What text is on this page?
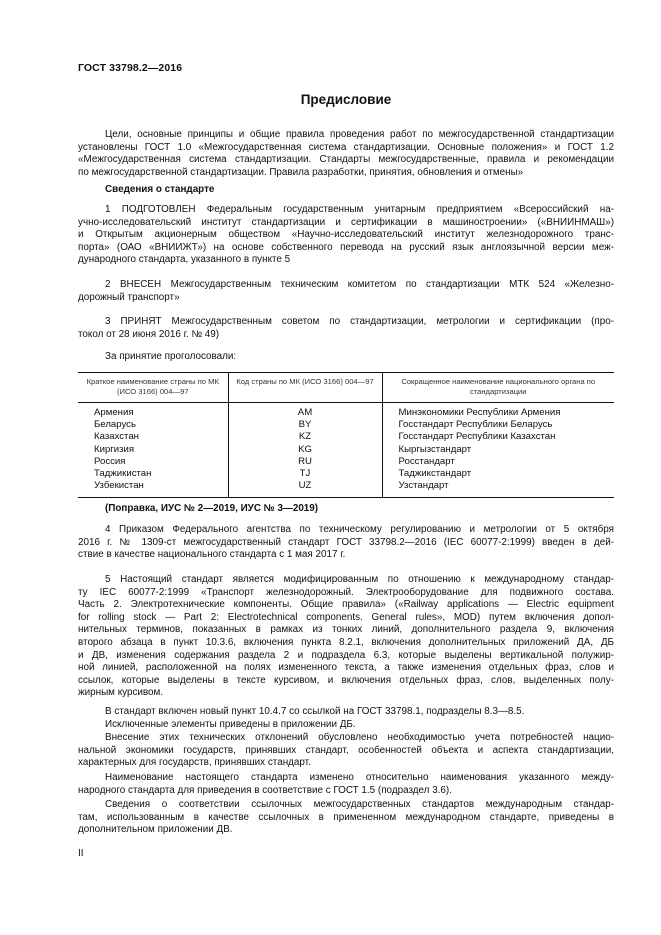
ГОСТ 33798.2—2016
Предисловие
Цели, основные принципы и общие правила проведения работ по межгосударственной стандартизации
установлены ГОСТ 1.0 «Межгосударственная система стандартизации. Основные положения» и ГОСТ 1.2
«Межгосударственная система стандартизации. Стандарты межгосударственные, правила и рекомендации
по межгосударственной стандартизации. Правила разработки, принятия, обновления и отмены»
Сведения о стандарте
1 ПОДГОТОВЛЕН Федеральным государственным унитарным предприятием «Всероссийский на-
учно-исследовательский институт стандартизации и сертификации в машиностроении» («ВНИИНМАШ»)
и Открытым акционерным обществом «Научно-исследовательский институт железнодорожного транс-
порта» (ОАО «ВНИИЖТ») на основе собственного перевода на русский язык англоязычной версии меж-
дународного стандарта, указанного в пункте 5
2 ВНЕСЕН Межгосударственным техническим комитетом по стандартизации МТК 524 «Железно-
дорожный транспорт»
3 ПРИНЯТ Межгосударственным советом по стандартизации, метрологии и сертификации (про-
токол от 28 июня 2016 г. № 49)
За принятие проголосовали:
Краткое наименование страны по МК (ИСО 3166) 004—97	Код страны по МК (ИСО 3166) 004—97	Сокращенное наименование национального органа по стандартизации
Армения	AM	Минэкономики Республики Армения
Беларусь	BY	Госстандарт Республики Беларусь
Казахстан	KZ	Госстандарт Республики Казахстан
Киргизия	KG	Кыргызстандарт
Россия	RU	Росстандарт
Таджикистан	TJ	Таджикстандарт
Узбекистан	UZ	Узстандарт
(Поправка, ИУС № 2—2019, ИУС № 3—2019)
4 Приказом Федерального агентства по техническому регулированию и метрологии от 5 октября
2016 г. № 1309-ст межгосударственный стандарт ГОСТ 33798.2—2016 (IEC 60077-2:1999) введен в дей-
ствие в качестве национального стандарта с 1 мая 2017 г.
5 Настоящий стандарт является модифицированным по отношению к международному стандар-
ту IEC 60077-2:1999 «Транспорт железнодорожный. Электрооборудование для подвижного состава.
Часть 2. Электротехнические компоненты. Общие правила» («Railway applications — Electric equipment
for rolling stock — Part 2: Electrotechnical components. General rules», MOD) путем включения допол-
нительных терминов, показанных в рамках из тонких линий, дополнительного раздела 9, включения
второго абзаца в пункт 10.3.6, включения пункта 8.2.1, включения дополнительных приложений ДА, ДБ
и ДВ, изменения содержания раздела 2 и подраздела 6.3, которые выделены вертикальной полужир-
ной линией, расположенной на полях измененного текста, а также изменения отдельных фраз, слов и
ссылок, которые выделены в тексте курсивом, и включения отдельных фраз, слов, выделенных полу-
жирным курсивом.
В стандарт включен новый пункт 10.4.7 со ссылкой на ГОСТ 33798.1, подразделы 8.3—8.5.
Исключенные элементы приведены в приложении ДБ.
Внесение этих технических отклонений обусловлено необходимостью учета потребностей нацио-
нальной экономики государств, принявших стандарт, особенностей объекта и аспекта стандартизации,
характерных для государств, принявших стандарт.
Наименование настоящего стандарта изменено относительно наименования указанного между-
народного стандарта для приведения в соответствие с ГОСТ 1.5 (подраздел 3.6).
Сведения о соответствии ссылочных межгосударственных стандартов международным стандар-
там, использованным в качестве ссылочных в примененном международном стандарте, приведены в
дополнительном приложении ДВ.
II
